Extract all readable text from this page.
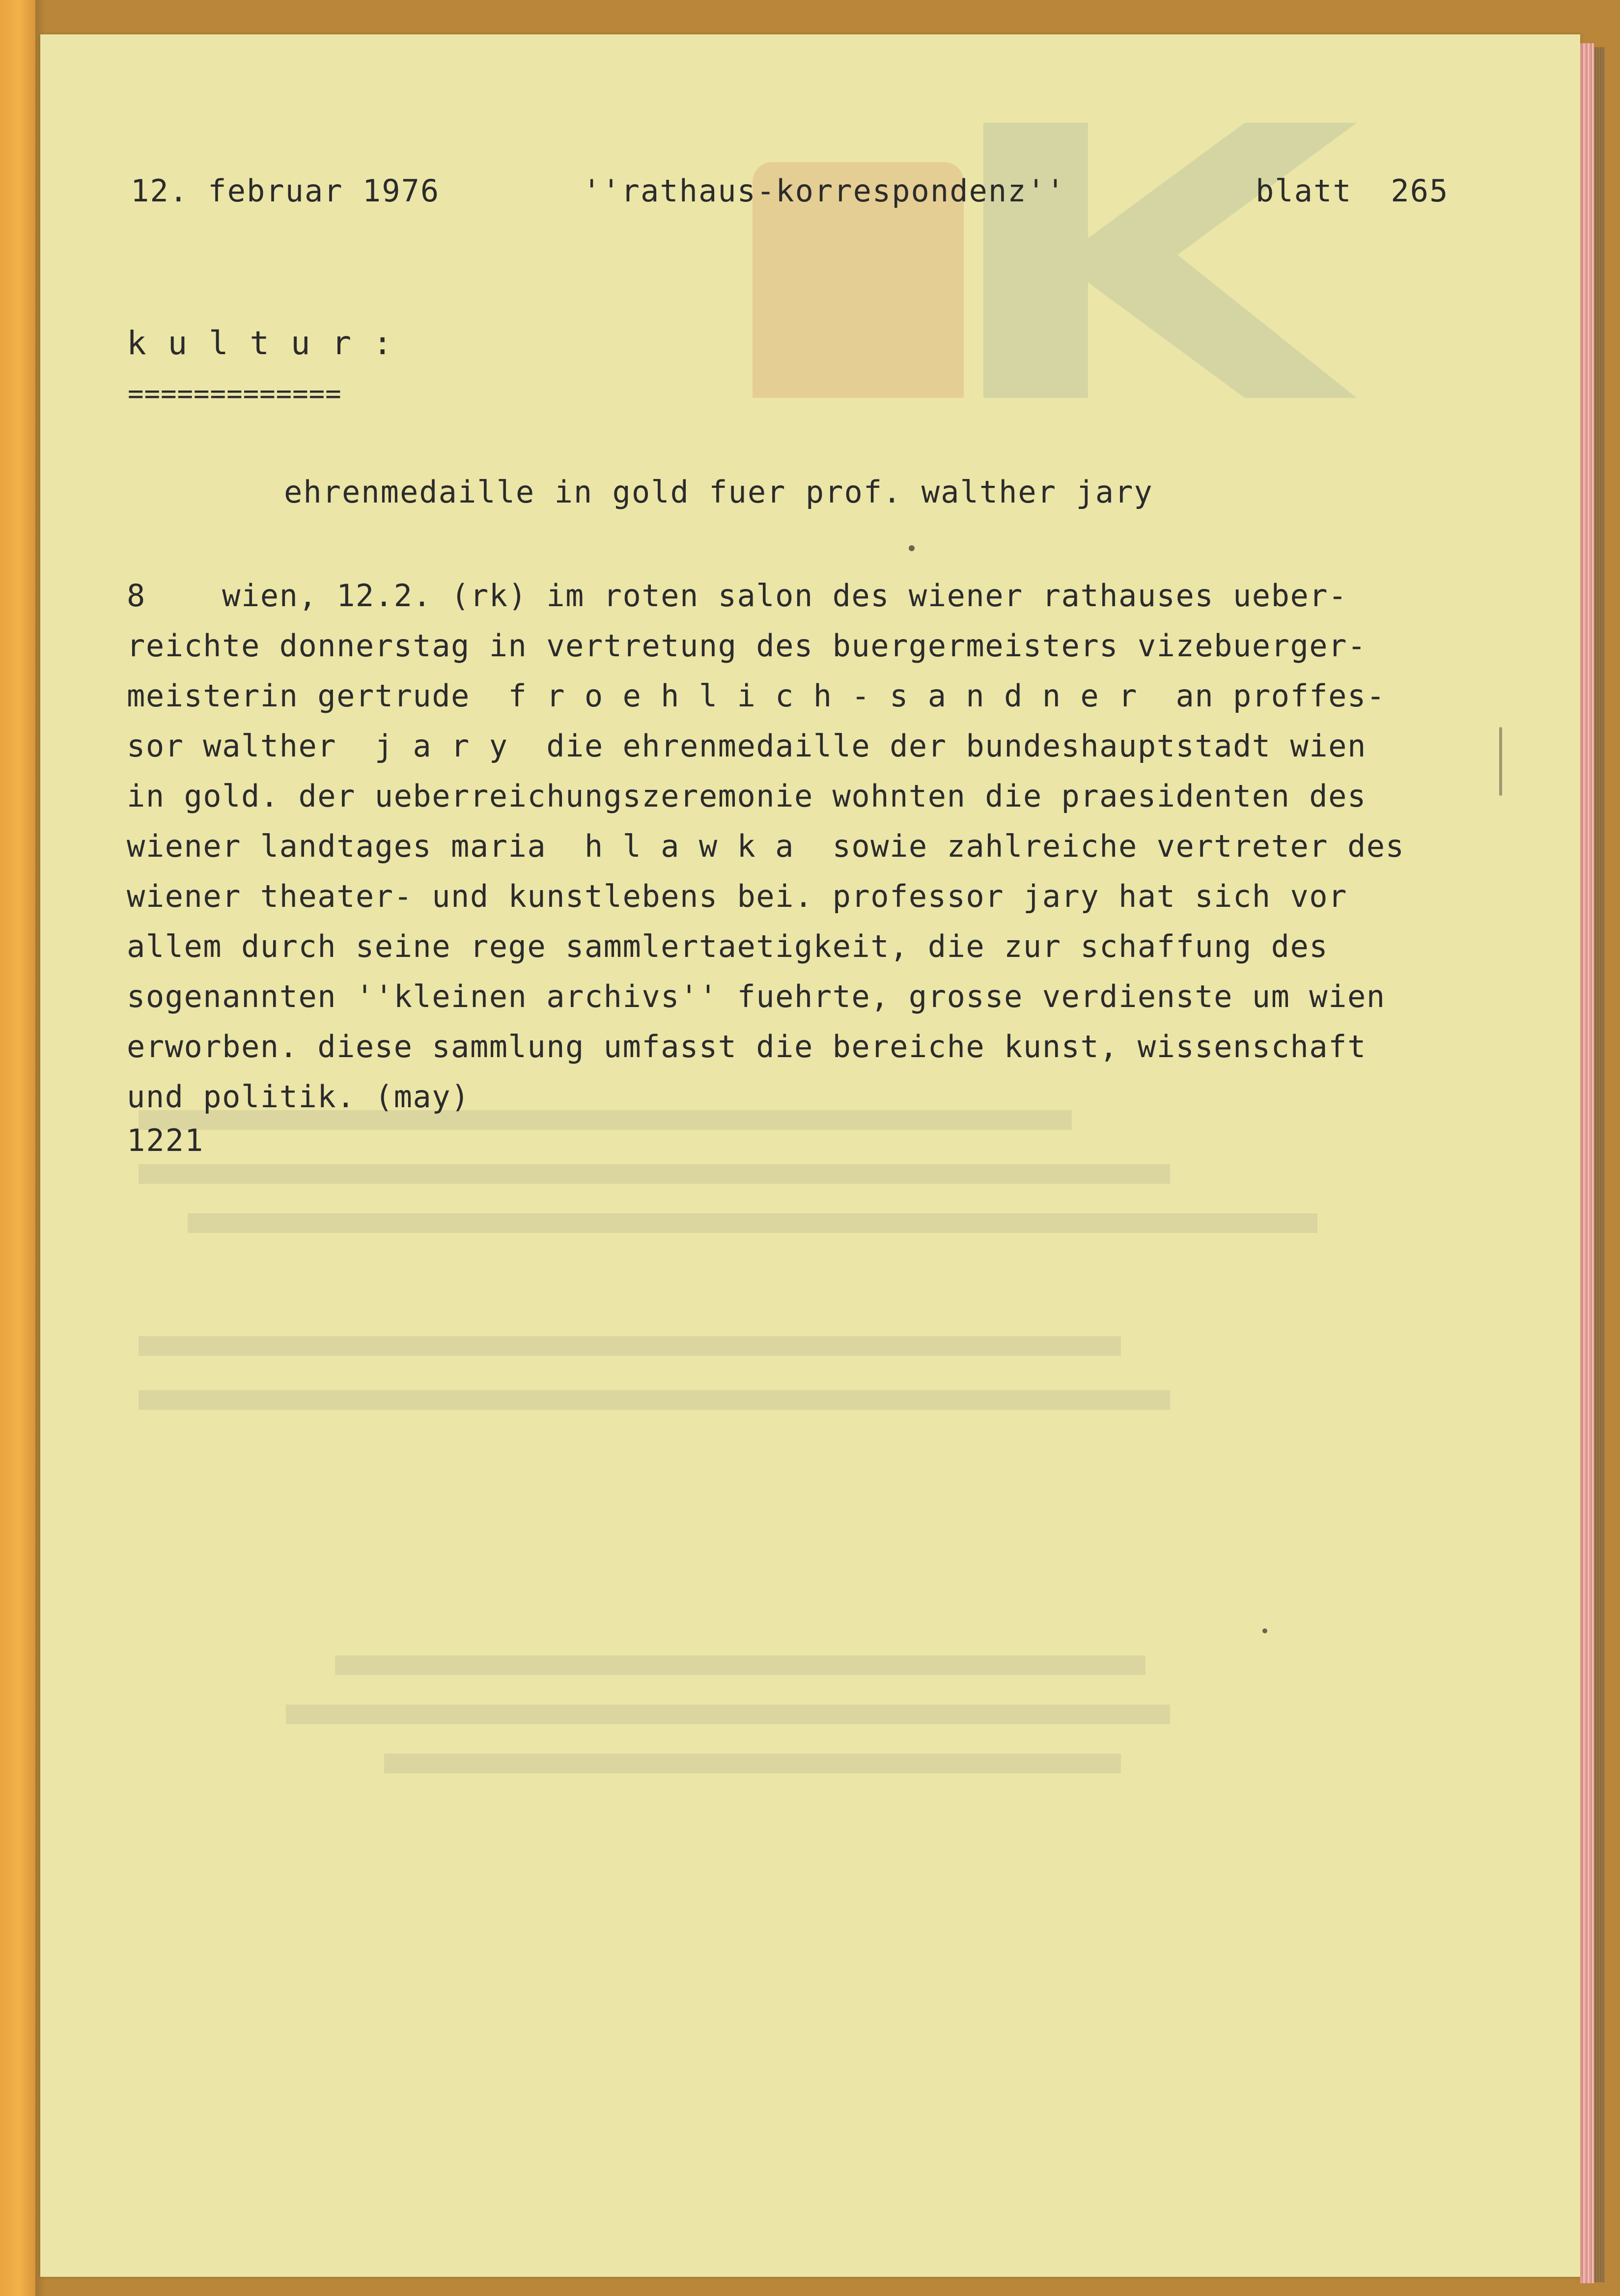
12. februar 1976	''rathaus-korrespondenz''	blatt  265
k u l t u r :
=============
ehrenmedaille in gold fuer prof. walther jary
8    wien, 12.2. (rk) im roten salon des wiener rathauses ueber-
reichte donnerstag in vertretung des buergermeisters vizebuerger-
meisterin gertrude  f r o e h l i c h - s a n d n e r  an proffes-
sor walther  j a r y  die ehrenmedaille der bundeshauptstadt wien
in gold. der ueberreichungszeremonie wohnten die praesidenten des
wiener landtages maria  h l a w k a  sowie zahlreiche vertreter des
wiener theater- und kunstlebens bei. professor jary hat sich vor
allem durch seine rege sammlertaetigkeit, die zur schaffung des
sogenannten ''kleinen archivs'' fuehrte, grosse verdienste um wien
erworben. diese sammlung umfasst die bereiche kunst, wissenschaft
und politik. (may)
1221
